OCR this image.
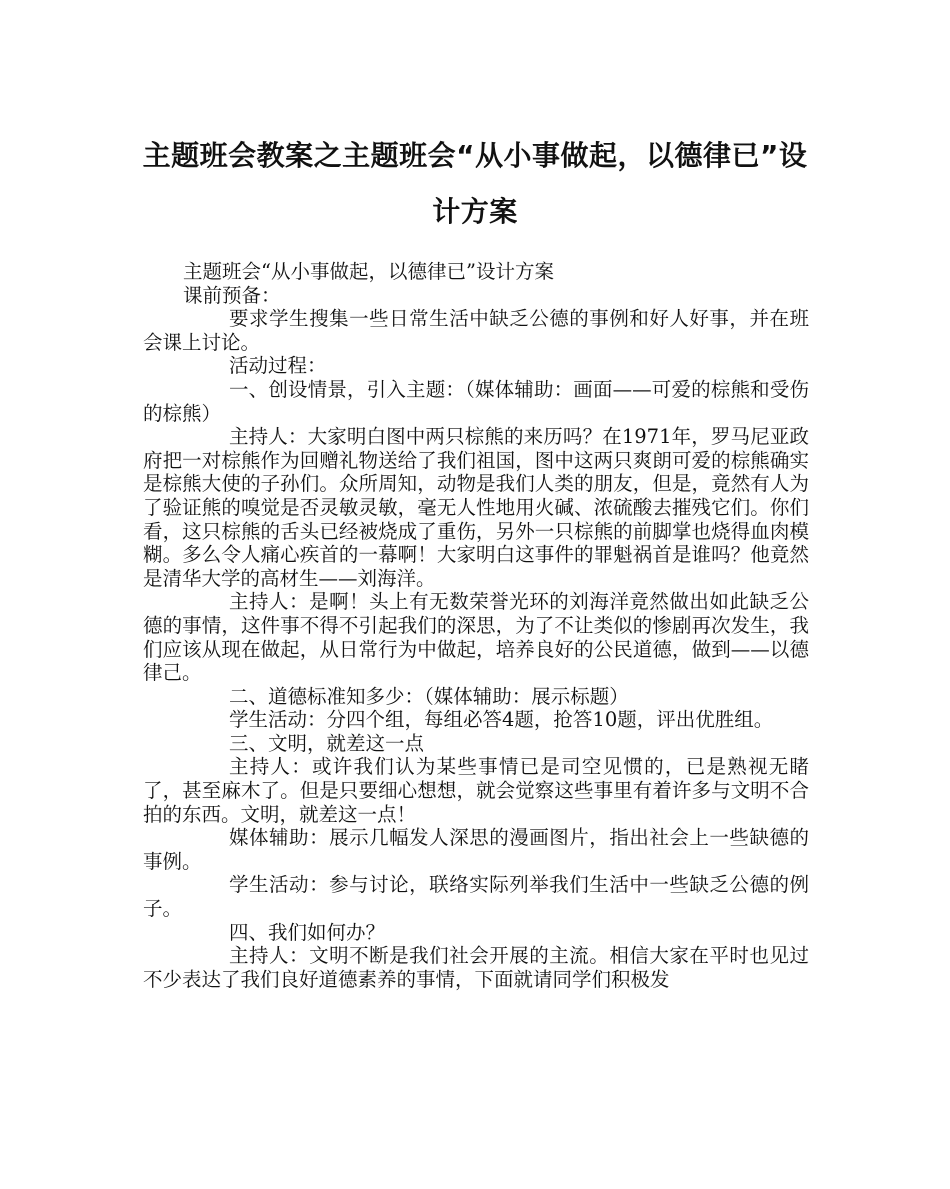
主题班会教案之主题班会“从小事做起，以德律已”设计方案

主题班会“从小事做起，以德律已”设计方案

课前预备：

要求学生搜集一些日常生活中缺乏公德的事例和好人好事，并在班会课上讨论。

活动过程：

一、创设情景，引入主题：（媒体辅助：画面——可爱的棕熊和受伤的棕熊）

主持人：大家明白图中两只棕熊的来历吗？在1971年，罗马尼亚政府把一对棕熊作为回赠礼物送给了我们祖国，图中这两只爽朗可爱的棕熊确实是棕熊大使的子孙们。众所周知，动物是我们人类的朋友，但是，竟然有人为了验证熊的嗅觉是否灵敏灵敏，毫无人性地用火碱、浓硫酸去摧残它们。你们看，这只棕熊的舌头已经被烧成了重伤，另外一只棕熊的前脚掌也烧得血肉模糊。多么令人痛心疾首的一幕啊！大家明白这事件的罪魁祸首是谁吗？他竟然是清华大学的高材生——刘海洋。

主持人：是啊！头上有无数荣誉光环的刘海洋竟然做出如此缺乏公德的事情，这件事不得不引起我们的深思，为了不让类似的惨剧再次发生，我们应该从现在做起，从日常行为中做起，培养良好的公民道德，做到——以德律己。

二、道德标准知多少：（媒体辅助：展示标题）

学生活动：分四个组，每组必答4题，抢答10题，评出优胜组。

三、文明，就差这一点

主持人：或许我们认为某些事情已是司空见惯的，已是熟视无睹了，甚至麻木了。但是只要细心想想，就会觉察这些事里有着许多与文明不合拍的东西。文明，就差这一点！

媒体辅助：展示几幅发人深思的漫画图片，指出社会上一些缺德的事例。

学生活动：参与讨论，联络实际列举我们生活中一些缺乏公德的例子。

四、我们如何办？

主持人：文明不断是我们社会开展的主流。相信大家在平时也见过不少表达了我们良好道德素养的事情，下面就请同学们积极发
